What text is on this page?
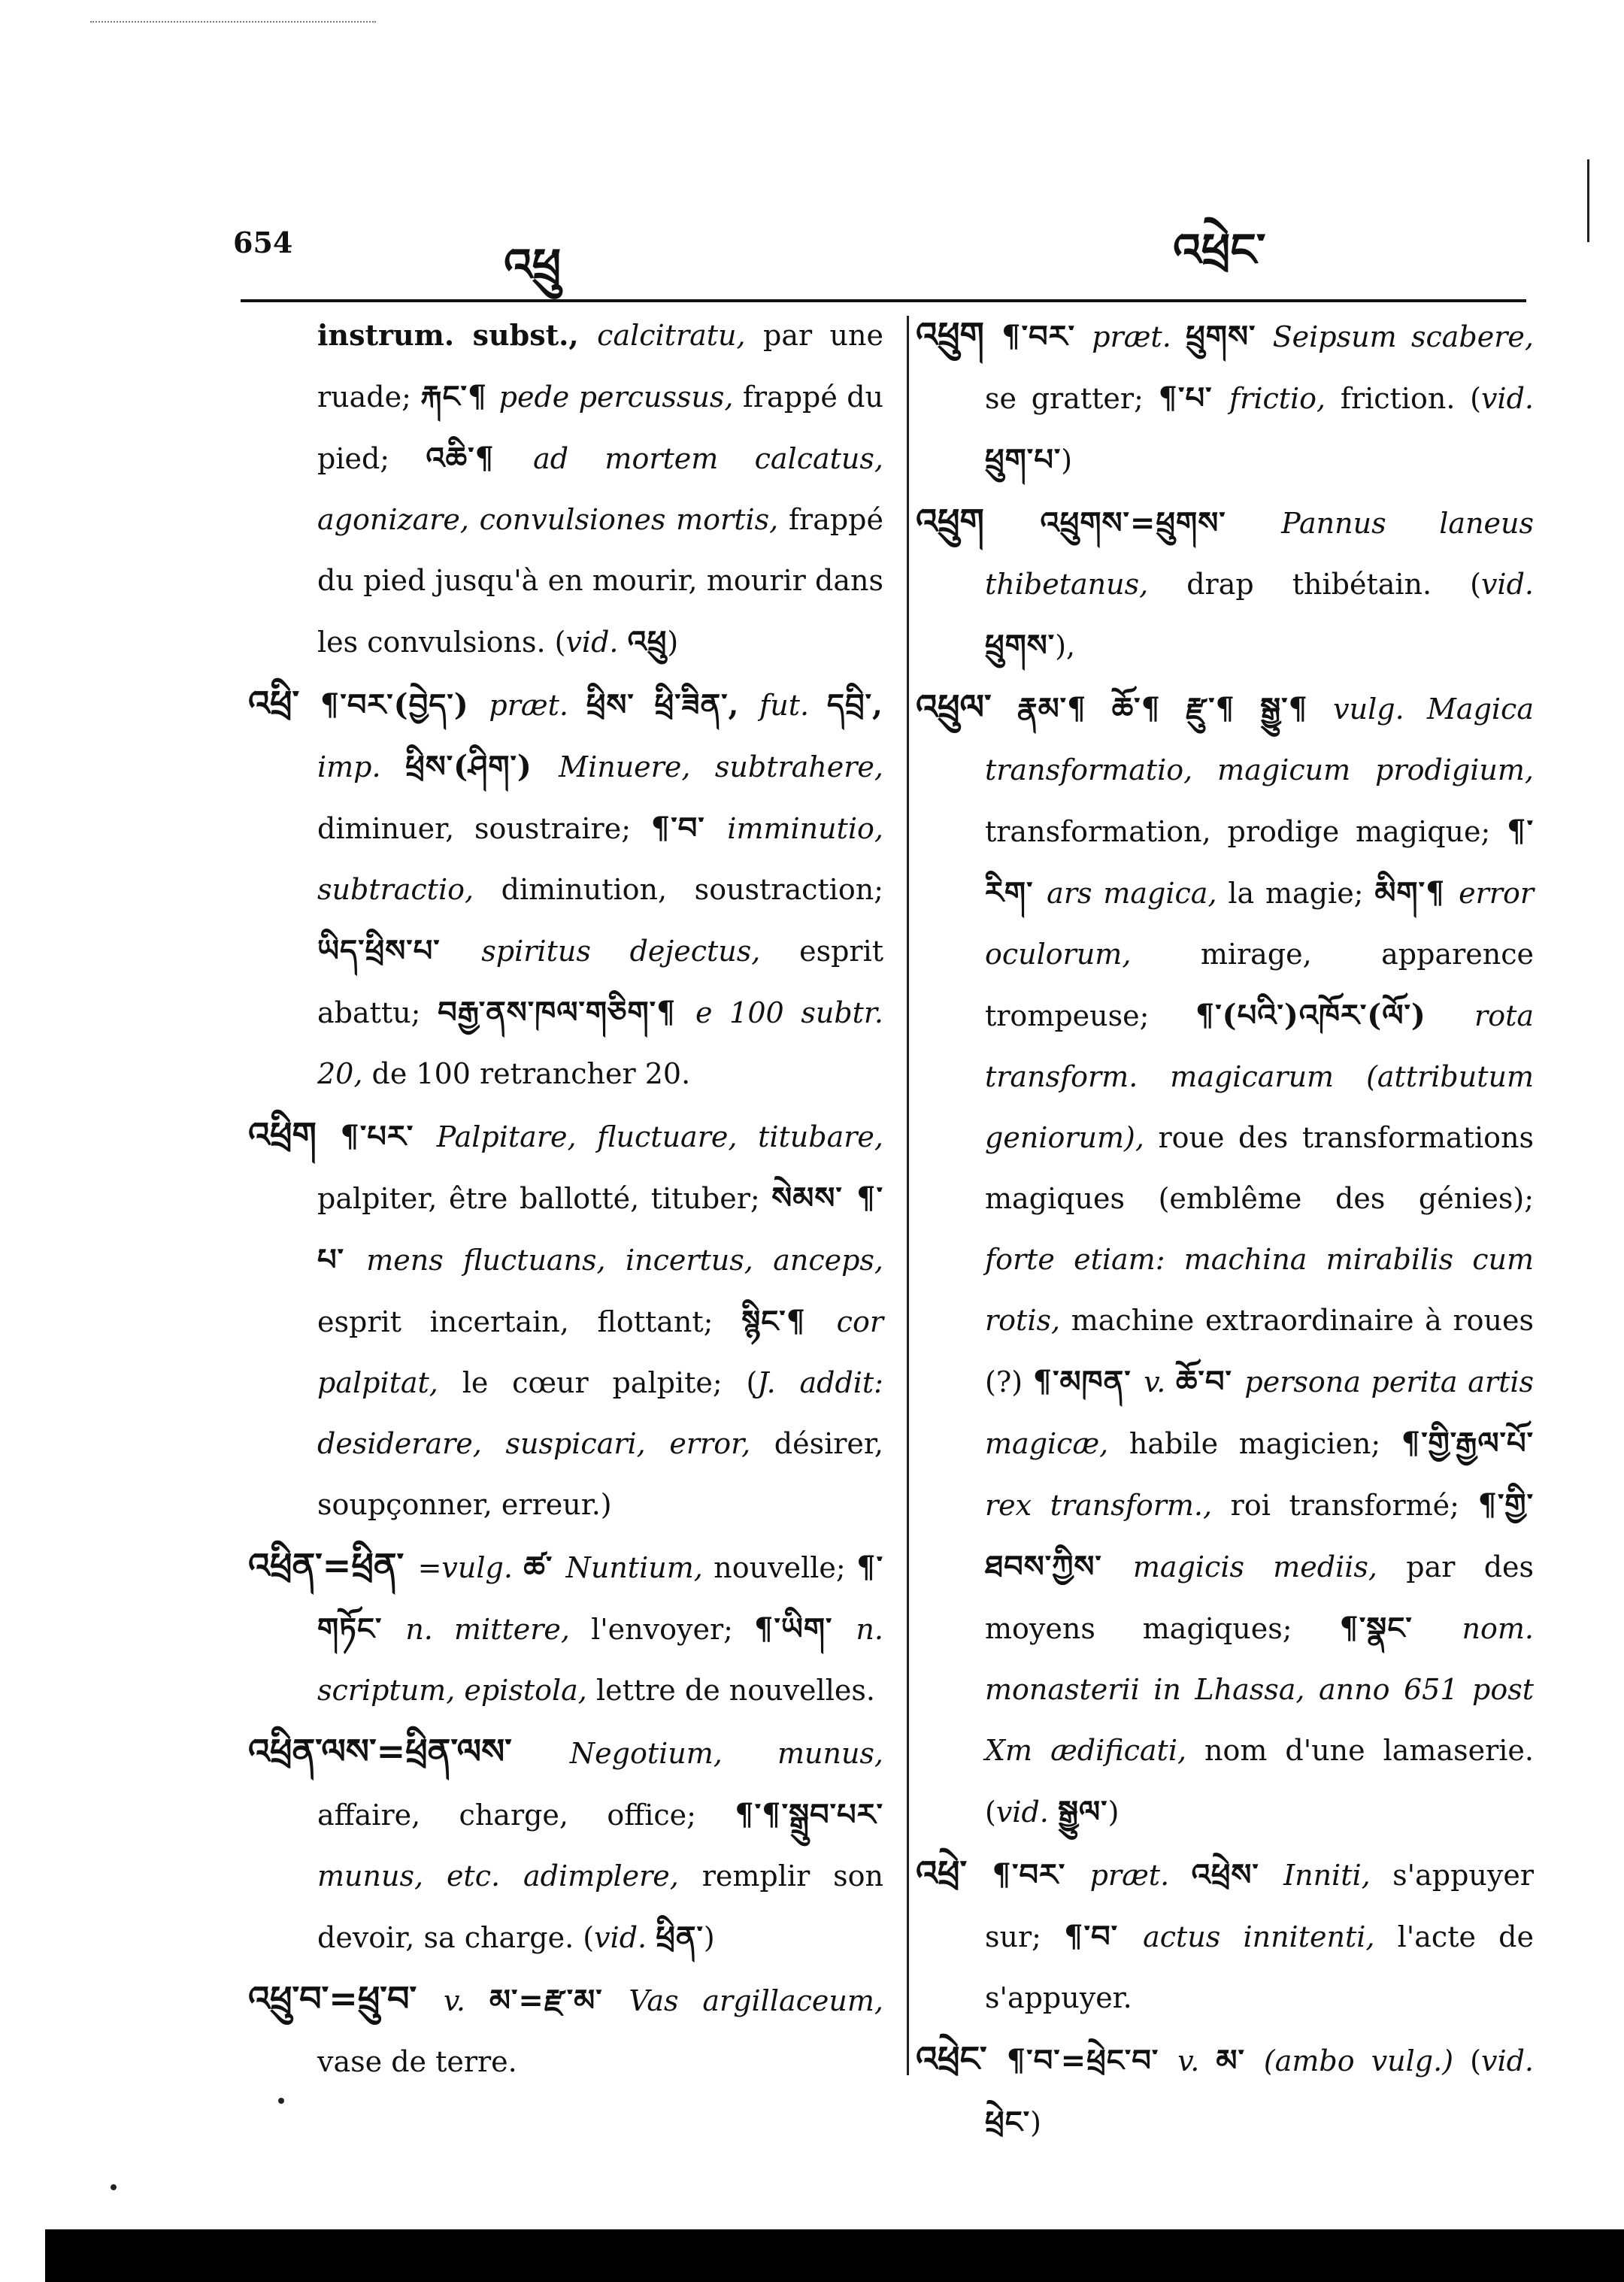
654	འཕྲུ	འཕྲེང་

instrum. subst., calcitratu, par une ruade; རྐང་¶ pede percussus, frappé du pied; འཆི་¶ ad mortem calcatus, agonizare, convulsiones mortis, frappé du pied jusqu'à en mourir, mourir dans les convulsions. (vid. འཕྲུ)

འཕྲི་ ¶་བར་(བྱེད་) præt. ཕྲིས་ ཕྲི་ཟིན་, fut. དབྲི་, imp. ཕྲིས་(ཤིག་) Minuere, subtrahere, diminuer, soustraire; ¶་བ་ imminutio, subtractio, diminution, soustraction; ཡིད་ཕྲིས་པ་ spiritus dejectus, esprit abattu; བརྒྱ་ནས་ཁལ་གཅིག་¶ e 100 subtr. 20, de 100 retrancher 20.

འཕྲིག ¶་པར་ Palpitare, fluctuare, titubare, palpiter, être ballotté, tituber; སེམས་ ¶་པ་ mens fluctuans, incertus, anceps, esprit incertain, flottant; སྙིང་¶ cor palpitat, le cœur palpite; (J. addit: desiderare, suspicari, error, désirer, soupçonner, erreur.)

འཕྲིན་=ཕྲིན་ =vulg. ཚ་ Nuntium, nouvelle; ¶་གཏོང་ n. mittere, l'envoyer; ¶་ཡིག་ n. scriptum, epistola, lettre de nouvelles.

འཕྲིན་ལས་=ཕྲིན་ལས་ Negotium, munus, affaire, charge, office; ¶་¶་སྒྲུབ་པར་ munus, etc. adimplere, remplir son devoir, sa charge. (vid. ཕྲིན་)

འཕྲུ་བ་=ཕྲུ་བ་ v. མ་=རྫ་མ་ Vas argillaceum, vase de terre.

འཕྲུག ¶་བར་ præt. ཕྲུགས་ Seipsum scabere, se gratter; ¶་པ་ frictio, friction. (vid. ཕྲུག་པ་)

འཕྲུག འཕྲུགས་=ཕྲུགས་ Pannus laneus thibetanus, drap thibétain. (vid. ཕྲུགས་),

འཕྲུལ་ རྣམ་¶ ཆོ་¶ རྫུ་¶ སྒྱུ་¶ vulg. Magica transformatio, magicum prodigium, transformation, prodige magique; ¶་རིག་ ars magica, la magie; མིག་¶ error oculorum, mirage, apparence trompeuse; ¶་(པའི་)འཁོར་(ལོ་) rota transform. magicarum (attributum geniorum), roue des transformations magiques (emblême des génies); forte etiam: machina mirabilis cum rotis, machine extraordinaire à roues (?) ¶་མཁན་ v. ཆོ་བ་ persona perita artis magicæ, habile magicien; ¶་གྱི་རྒྱལ་པོ་ rex transform., roi transformé; ¶་གྱི་ཐབས་ཀྱིས་ magicis mediis, par des moyens magiques; ¶་སྣང་ nom. monasterii in Lhassa, anno 651 post Xm ædificati, nom d'une lamaserie. (vid. སྒྱུལ་)

འཕྲེ་ ¶་བར་ præt. འཕྲེས་ Inniti, s'appuyer sur; ¶་བ་ actus innitenti, l'acte de s'appuyer.

འཕྲེང་ ¶་བ་=ཕྲེང་བ་ v. མ་ (ambo vulg.) (vid. ཕྲེང་)
